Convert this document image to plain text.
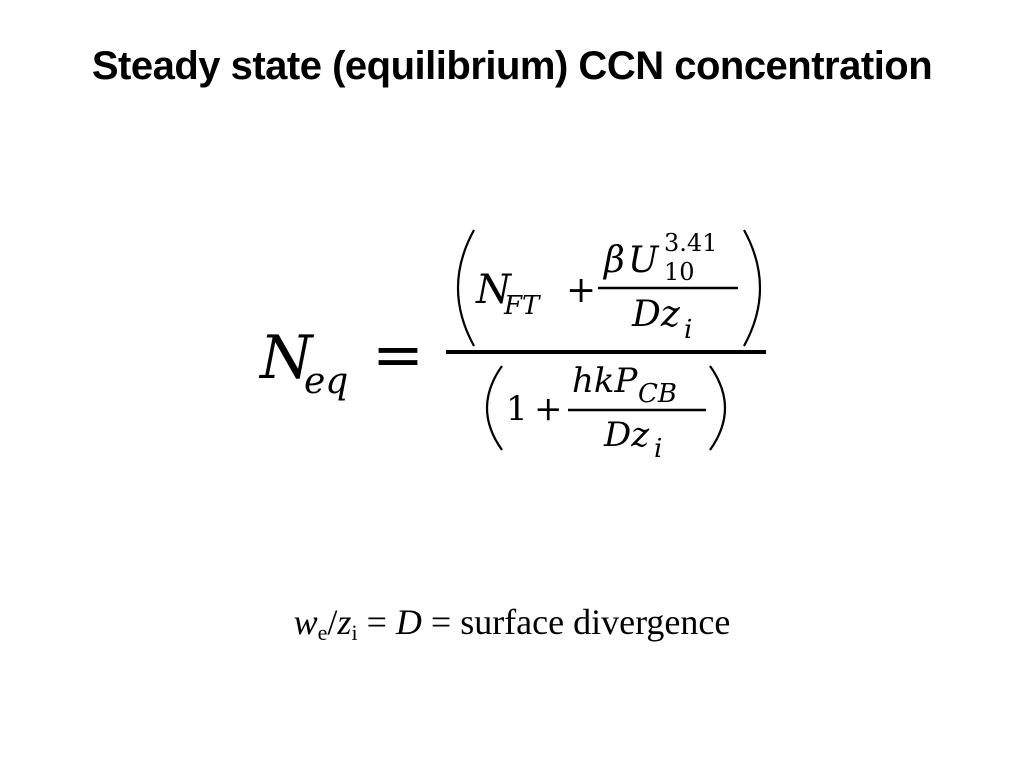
Steady state (equilibrium) CCN concentration
N
eq =
N
FT +
β U 3.41
10
Dz i
1 +
hkP CB
Dz i
$w_e/z_i = D$ = surface divergence
